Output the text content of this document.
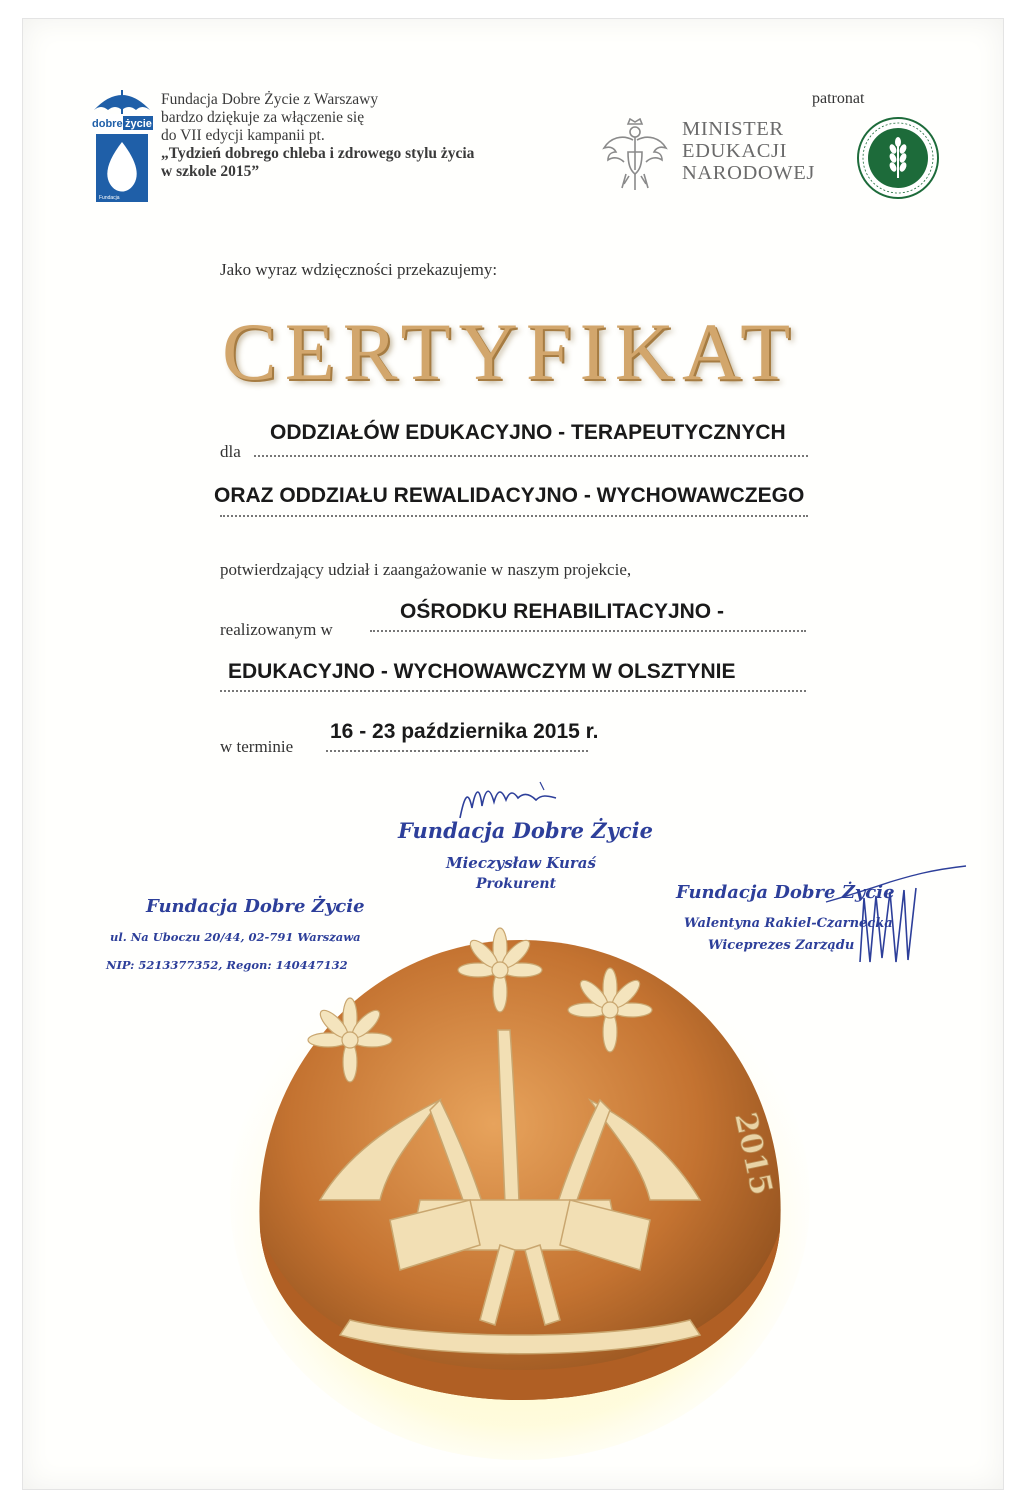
dobre życie
Fundacja
Fundacja Dobre Życie z Warszawy
bardzo dziękuje za włączenie się
do VII edycji kampanii pt.
„Tydzień dobrego chleba i zdrowego stylu życia
w szkole 2015”
patronat
MINISTER
EDUKACJI
NARODOWEJ
Jako wyraz wdzięczności przekazujemy:
CERTYFIKAT
dla
ODDZIAŁÓW EDUKACYJNO - TERAPEUTYCZNYCH
ORAZ ODDZIAŁU REWALIDACYJNO - WYCHOWAWCZEGO
potwierdzający udział i zaangażowanie w naszym projekcie,
realizowanym w
OŚRODKU REHABILITACYJNO -
EDUKACYJNO - WYCHOWAWCZYM W OLSZTYNIE
w terminie
16 - 23 października 2015 r.
Fundacja Dobre Życie
Mieczysław Kuraś
Prokurent
Fundacja Dobre Życie
ul. Na Uboczu 20/44, 02-791 Warszawa
NIP: 5213377352, Regon: 140447132
Fundacja Dobre Życie
Walentyna Rakiel-Czarnecka
Wiceprezes Zarządu
2015
